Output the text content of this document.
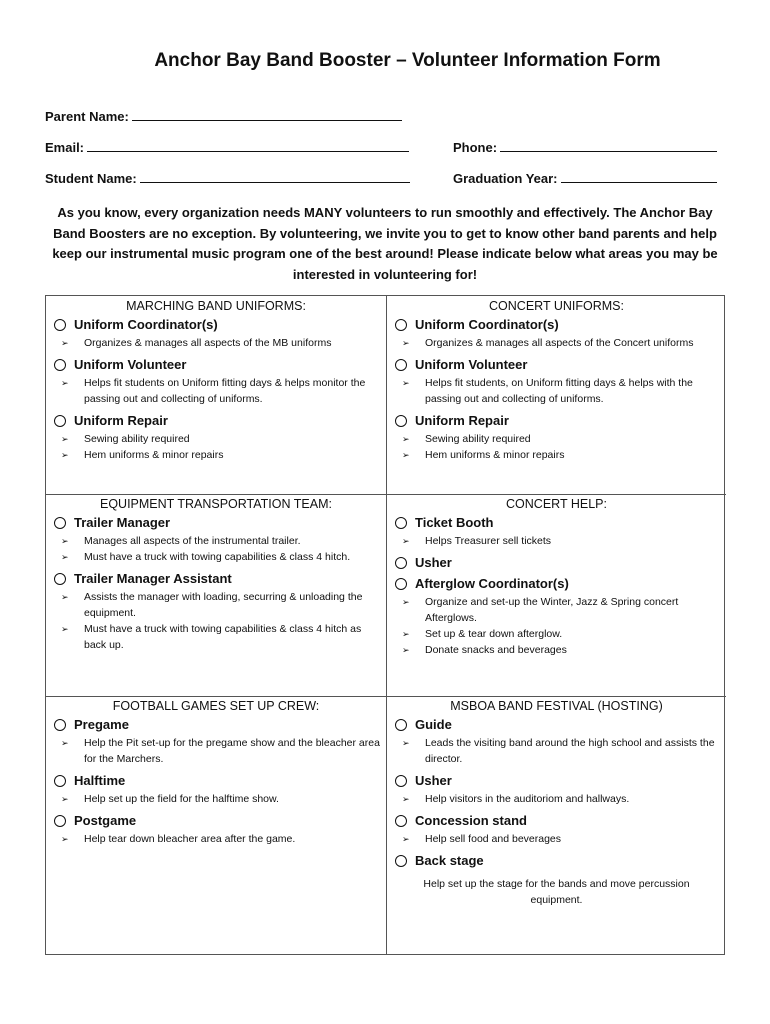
Anchor Bay Band Booster – Volunteer Information Form
Parent Name:
Email:	Phone:
Student Name:	Graduation Year:
As you know, every organization needs MANY volunteers to run smoothly and effectively. The Anchor Bay Band Boosters are no exception. By volunteering, we invite you to get to know other band parents and help keep our instrumental music program one of the best around! Please indicate below what areas you may be interested in volunteering for!
MARCHING BAND UNIFORMS:
Uniform Coordinator(s)
➢ Organizes & manages all aspects of the MB uniforms
Uniform Volunteer
➢ Helps fit students on Uniform fitting days & helps monitor the passing out and collecting of uniforms.
Uniform Repair
➢ Sewing ability required
➢ Hem uniforms & minor repairs
CONCERT UNIFORMS:
Uniform Coordinator(s)
➢ Organizes & manages all aspects of the Concert uniforms
Uniform Volunteer
➢ Helps fit students, on Uniform fitting days & helps with the passing out and collecting of uniforms.
Uniform Repair
➢ Sewing ability required
➢ Hem uniforms & minor repairs
EQUIPMENT TRANSPORTATION TEAM:
Trailer Manager
➢ Manages all aspects of the instrumental trailer.
➢ Must have a truck with towing capabilities & class 4 hitch.
Trailer Manager Assistant
➢ Assists the manager with loading, securring & unloading the equipment.
➢ Must have a truck with towing capabilities & class 4 hitch as back up.
CONCERT HELP:
Ticket Booth
➢ Helps Treasurer sell tickets
Usher
Afterglow Coordinator(s)
➢ Organize and set-up the Winter, Jazz & Spring concert Afterglows.
➢ Set up & tear down afterglow.
➢ Donate snacks and beverages
FOOTBALL GAMES SET UP CREW:
Pregame
➢ Help the Pit set-up for the pregame show and the bleacher area for the Marchers.
Halftime
➢ Help set up the field for the halftime show.
Postgame
➢ Help tear down bleacher area after the game.
MSBOA BAND FESTIVAL (HOSTING)
Guide
➢ Leads the visiting band around the high school and assists the director.
Usher
➢ Help visitors in the auditoriom and hallways.
Concession stand
➢ Help sell food and beverages
Back stage
Help set up the stage for the bands and move percussion equipment.
